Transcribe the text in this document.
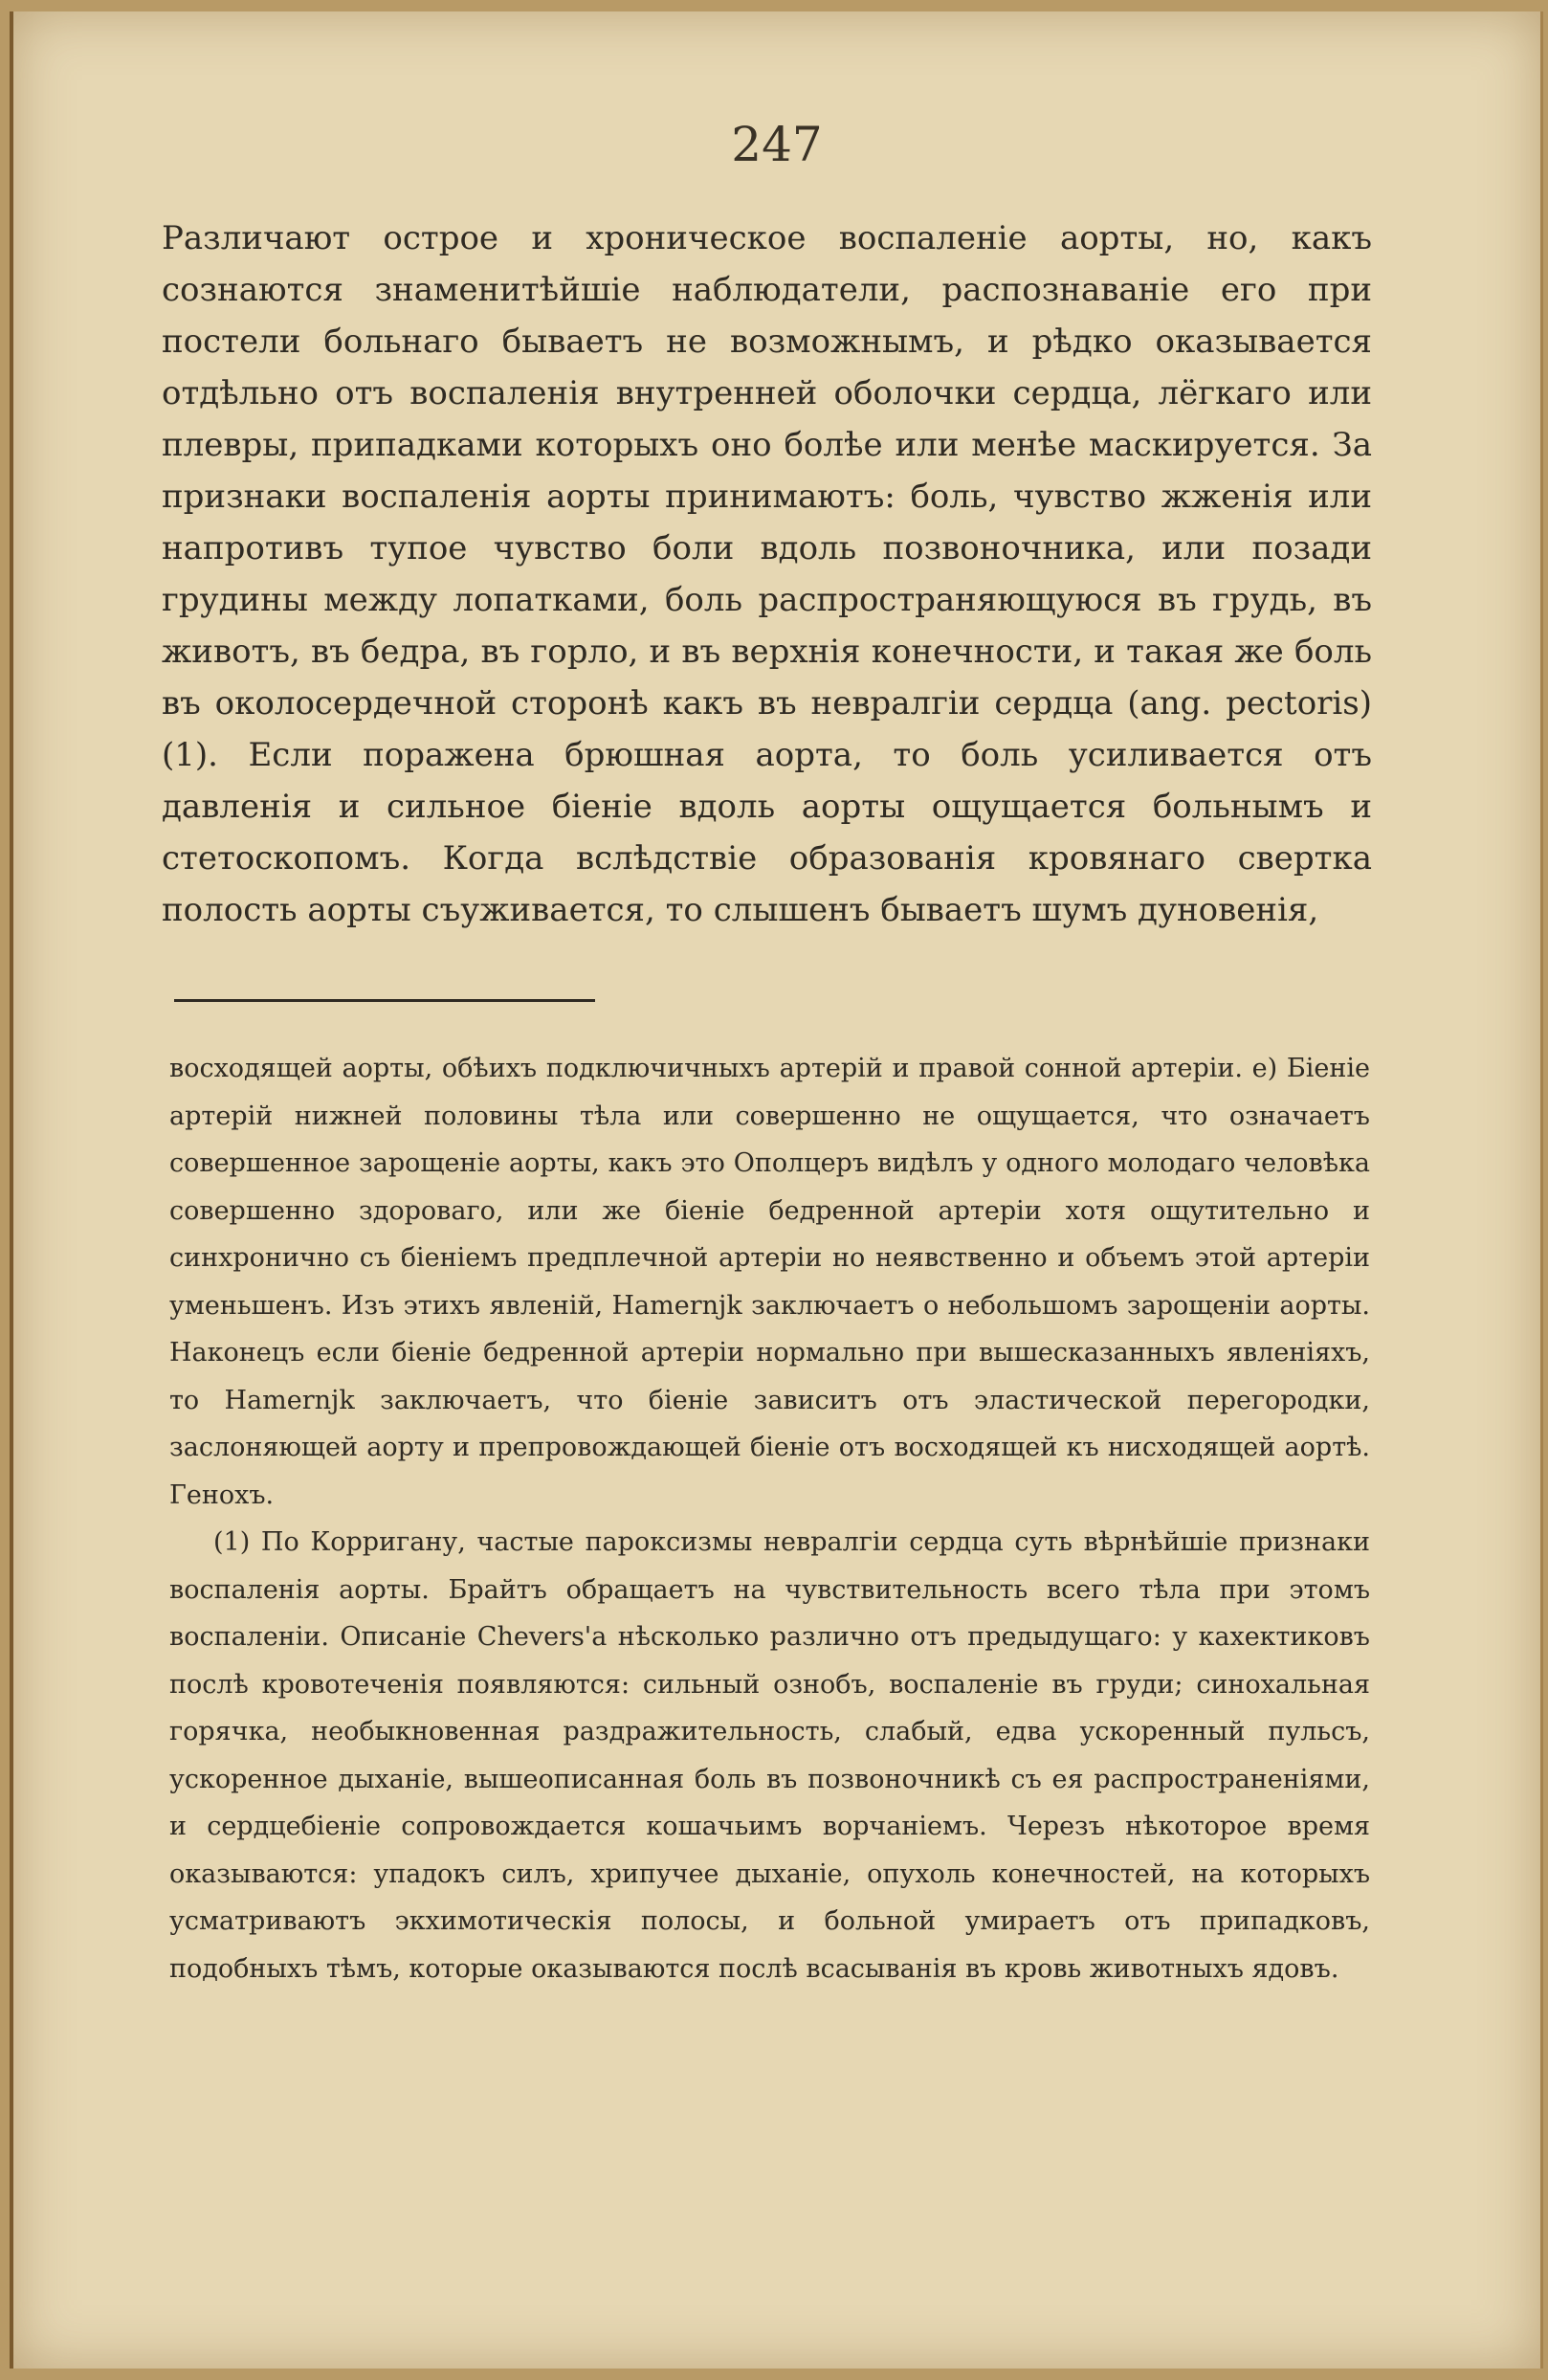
247

Различают острое и хроническое воспаленіе аорты, но, какъ сознаются знаменитѣйшіе наблюдатели, распознаваніе его при постели больнаго бываетъ не возможнымъ, и рѣдко оказывается отдѣльно отъ воспаленія внутренней оболочки сердца, лёгкаго или плевры, припадками которыхъ оно болѣе или менѣе маскируется. За признаки воспаленія аорты принимаютъ: боль, чувство жженія или напротивъ тупое чувство боли вдоль позвоночника, или позади грудины между лопатками, боль распространяющуюся въ грудь, въ животъ, въ бедра, въ горло, и въ верхнія конечности, и такая же боль въ околосердечной сторонѣ какъ въ невралгіи сердца (ang. pectoris) (1). Если поражена брюшная аорта, то боль усиливается отъ давленія и сильное біеніе вдоль аорты ощущается больнымъ и стетоскопомъ. Когда вслѣдствіе образованія кровянаго свертка полость аорты съуживается, то слышенъ бываетъ шумъ дуновенія,

восходящей аорты, обѣихъ подключичныхъ артерій и правой сонной артеріи. е) Біеніе артерій нижней половины тѣла или совершенно не ощущается, что означаетъ совершенное зарощеніе аорты, какъ это Ополцеръ видѣлъ у одного молодаго человѣка совершенно здороваго, или же біеніе бедренной артеріи хотя ощутительно и синхронично съ біеніемъ предплечной артеріи но неявственно и объемъ этой артеріи уменьшенъ. Изъ этихъ явленій, Hamernjk заключаетъ о небольшомъ зарощеніи аорты. Наконецъ если біеніе бедренной артеріи нормально при вышесказанныхъ явленіяхъ, то Hamernjk заключаетъ, что біеніе зависитъ отъ эластической перегородки, заслоняющей аорту и препровождающей біеніе отъ восходящей къ нисходящей аортѣ. Генохъ.

(1) По Корригану, частые пароксизмы невралгіи сердца суть вѣрнѣйшіе признаки воспаленія аорты. Брайтъ обращаетъ на чувствительность всего тѣла при этомъ воспаленіи. Описаніе Chevers'а нѣсколько различно отъ предыдущаго: у кахектиковъ послѣ кровотеченія появляются: сильный ознобъ, воспаленіе въ груди; синохальная горячка, необыкновенная раздражительность, слабый, едва ускоренный пульсъ, ускоренное дыханіе, вышеописанная боль въ позвоночникѣ съ ея распространеніями, и сердцебіеніе сопровождается кошачьимъ ворчаніемъ. Черезъ нѣкоторое время оказываются: упадокъ силъ, хрипучее дыханіе, опухоль конечностей, на которыхъ усматриваютъ экхимотическія полосы, и больной умираетъ отъ припадковъ, подобныхъ тѣмъ, которые оказываются послѣ всасыванія въ кровь животныхъ ядовъ.
